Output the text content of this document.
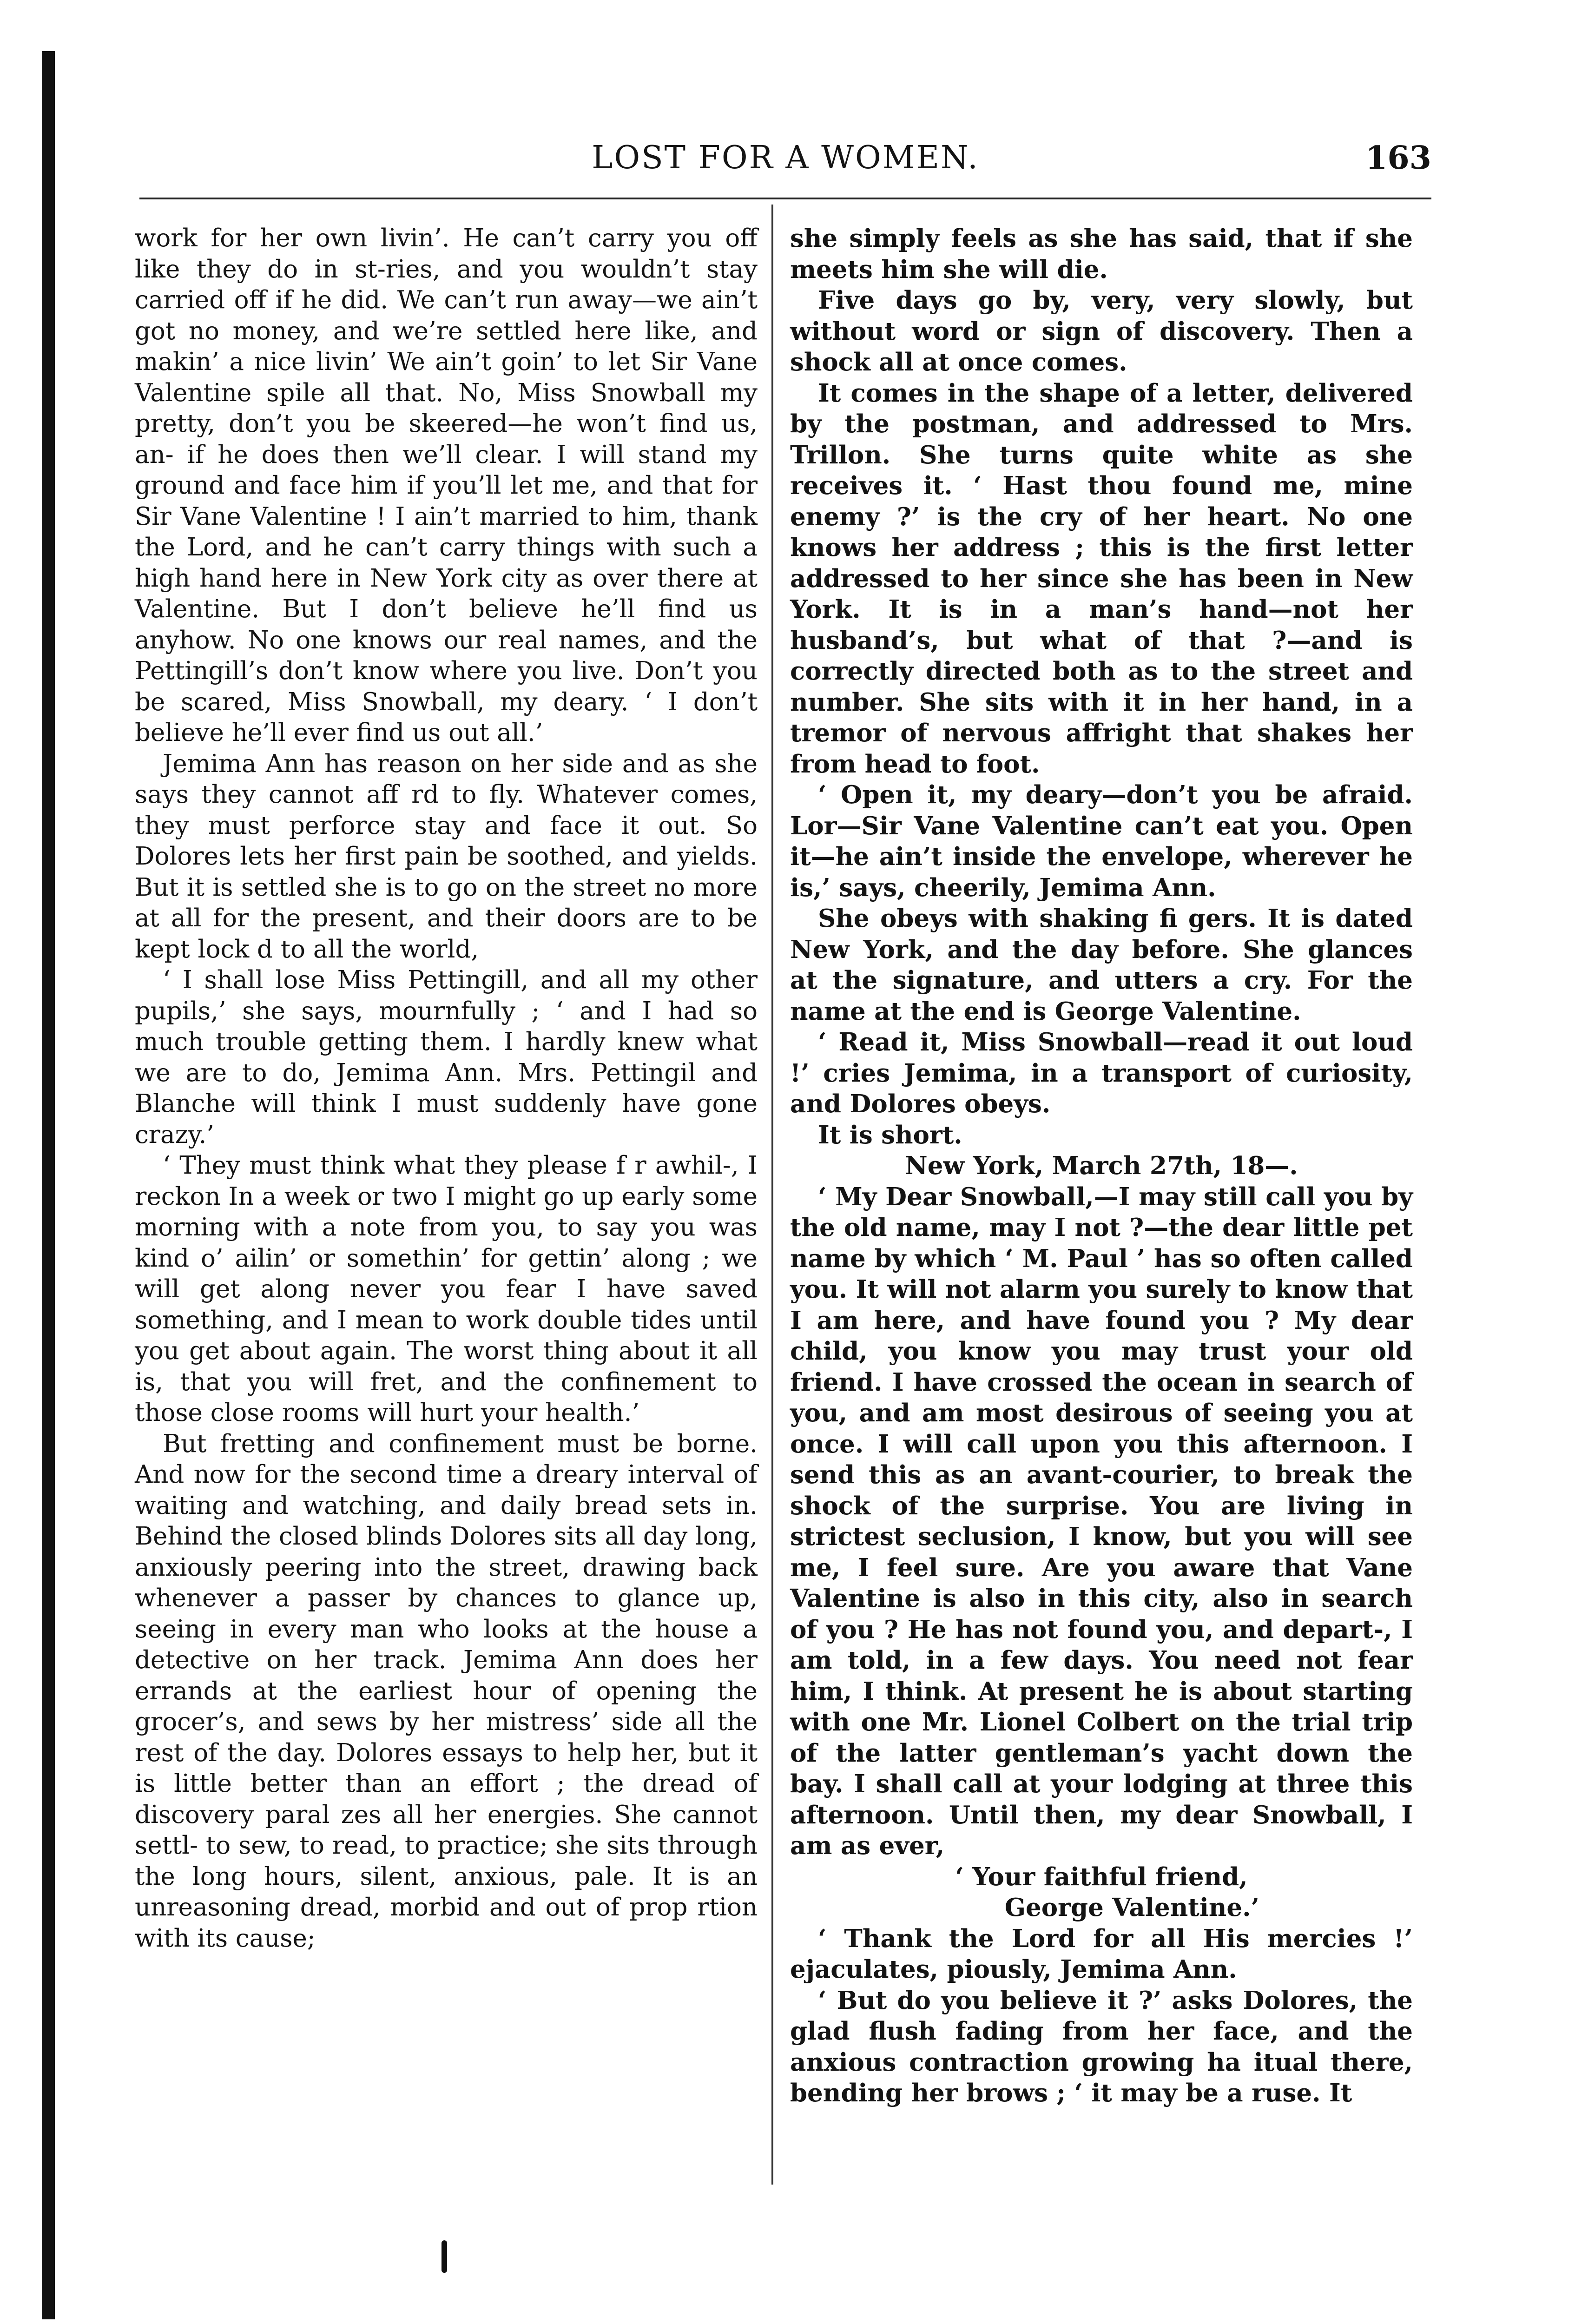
LOST FOR A WOMEN.	163

work for her own livin’. He can’t carry you off like they do in st-ries, and you wouldn’t stay carried off if he did. We can’t run away—we ain’t got no money, and we’re settled here like, and makin’ a nice livin’ We ain’t goin’ to let Sir Vane Valentine spile all that. No, Miss Snowball my pretty, don’t you be skeered—he won’t find us, an- if he does then we’ll clear. I will stand my ground and face him if you’ll let me, and that for Sir Vane Valentine ! I ain’t married to him, thank the Lord, and he can’t carry things with such a high hand here in New York city as over there at Valentine. But I don’t believe he’ll find us anyhow. No one knows our real names, and the Pettingill’s don’t know where you live. Don’t you be scared, Miss Snowball, my deary. ‘ I don’t believe he’ll ever find us out all.’

Jemima Ann has reason on her side and as she says they cannot aff rd to fly. Whatever comes, they must perforce stay and face it out. So Dolores lets her first pain be soothed, and yields. But it is settled she is to go on the street no more at all for the present, and their doors are to be kept lock d to all the world,

‘ I shall lose Miss Pettingill, and all my other pupils,’ she says, mournfully ; ‘ and I had so much trouble getting them. I hardly knew what we are to do, Jemima Ann. Mrs. Pettingil and Blanche will think I must suddenly have gone crazy.’

‘ They must think what they please f r awhil-, I reckon In a week or two I might go up early some morning with a note from you, to say you was kind o’ ailin’ or somethin’ for gettin’ along ; we will get along never you fear I have saved something, and I mean to work double tides until you get about again. The worst thing about it all is, that you will fret, and the confinement to those close rooms will hurt your health.’

But fretting and confinement must be borne. And now for the second time a dreary interval of waiting and watching, and daily bread sets in. Behind the closed blinds Dolores sits all day long, anxiously peering into the street, drawing back whenever a passer by chances to glance up, seeing in every man who looks at the house a detective on her track. Jemima Ann does her errands at the earliest hour of opening the grocer’s, and sews by her mistress’ side all the rest of the day. Dolores essays to help her, but it is little better than an effort ; the dread of discovery paral zes all her energies. She cannot settl- to sew, to read, to practice; she sits through the long hours, silent, anxious, pale. It is an unreasoning dread, morbid and out of prop rtion with its cause;

she simply feels as she has said, that if she meets him she will die.

Five days go by, very, very slowly, but without word or sign of discovery. Then a shock all at once comes.

It comes in the shape of a letter, delivered by the postman, and addressed to Mrs. Trillon. She turns quite white as she receives it. ‘ Hast thou found me, mine enemy ?’ is the cry of her heart. No one knows her address ; this is the first letter addressed to her since she has been in New York. It is in a man’s hand—not her husband’s, but what of that ?—and is correctly directed both as to the street and number. She sits with it in her hand, in a tremor of nervous affright that shakes her from head to foot.

‘ Open it, my deary—don’t you be afraid. Lor—Sir Vane Valentine can’t eat you. Open it—he ain’t inside the envelope, wherever he is,’ says, cheerily, Jemima Ann.

She obeys with shaking fi gers. It is dated New York, and the day before. She glances at the signature, and utters a cry. For the name at the end is George Valentine.

‘ Read it, Miss Snowball—read it out loud !’ cries Jemima, in a transport of curiosity, and Dolores obeys.

It is short.

New York, March 27th, 18—.

‘ My Dear Snowball,—I may still call you by the old name, may I not ?—the dear little pet name by which ‘ M. Paul ’ has so often called you. It will not alarm you surely to know that I am here, and have found you ? My dear child, you know you may trust your old friend. I have crossed the ocean in search of you, and am most desirous of seeing you at once. I will call upon you this afternoon. I send this as an avant-courier, to break the shock of the surprise. You are living in strictest seclusion, I know, but you will see me, I feel sure. Are you aware that Vane Valentine is also in this city, also in search of you ? He has not found you, and depart-, I am told, in a few days. You need not fear him, I think. At present he is about starting with one Mr. Lionel Colbert on the trial trip of the latter gentleman’s yacht down the bay. I shall call at your lodging at three this afternoon. Until then, my dear Snowball, I am as ever,

‘ Your faithful friend,

George Valentine.’

‘ Thank the Lord for all His mercies !’ ejaculates, piously, Jemima Ann.

‘ But do you believe it ?’ asks Dolores, the glad flush fading from her face, and the anxious contraction growing ha itual there, bending her brows ; ‘ it may be a ruse. It
